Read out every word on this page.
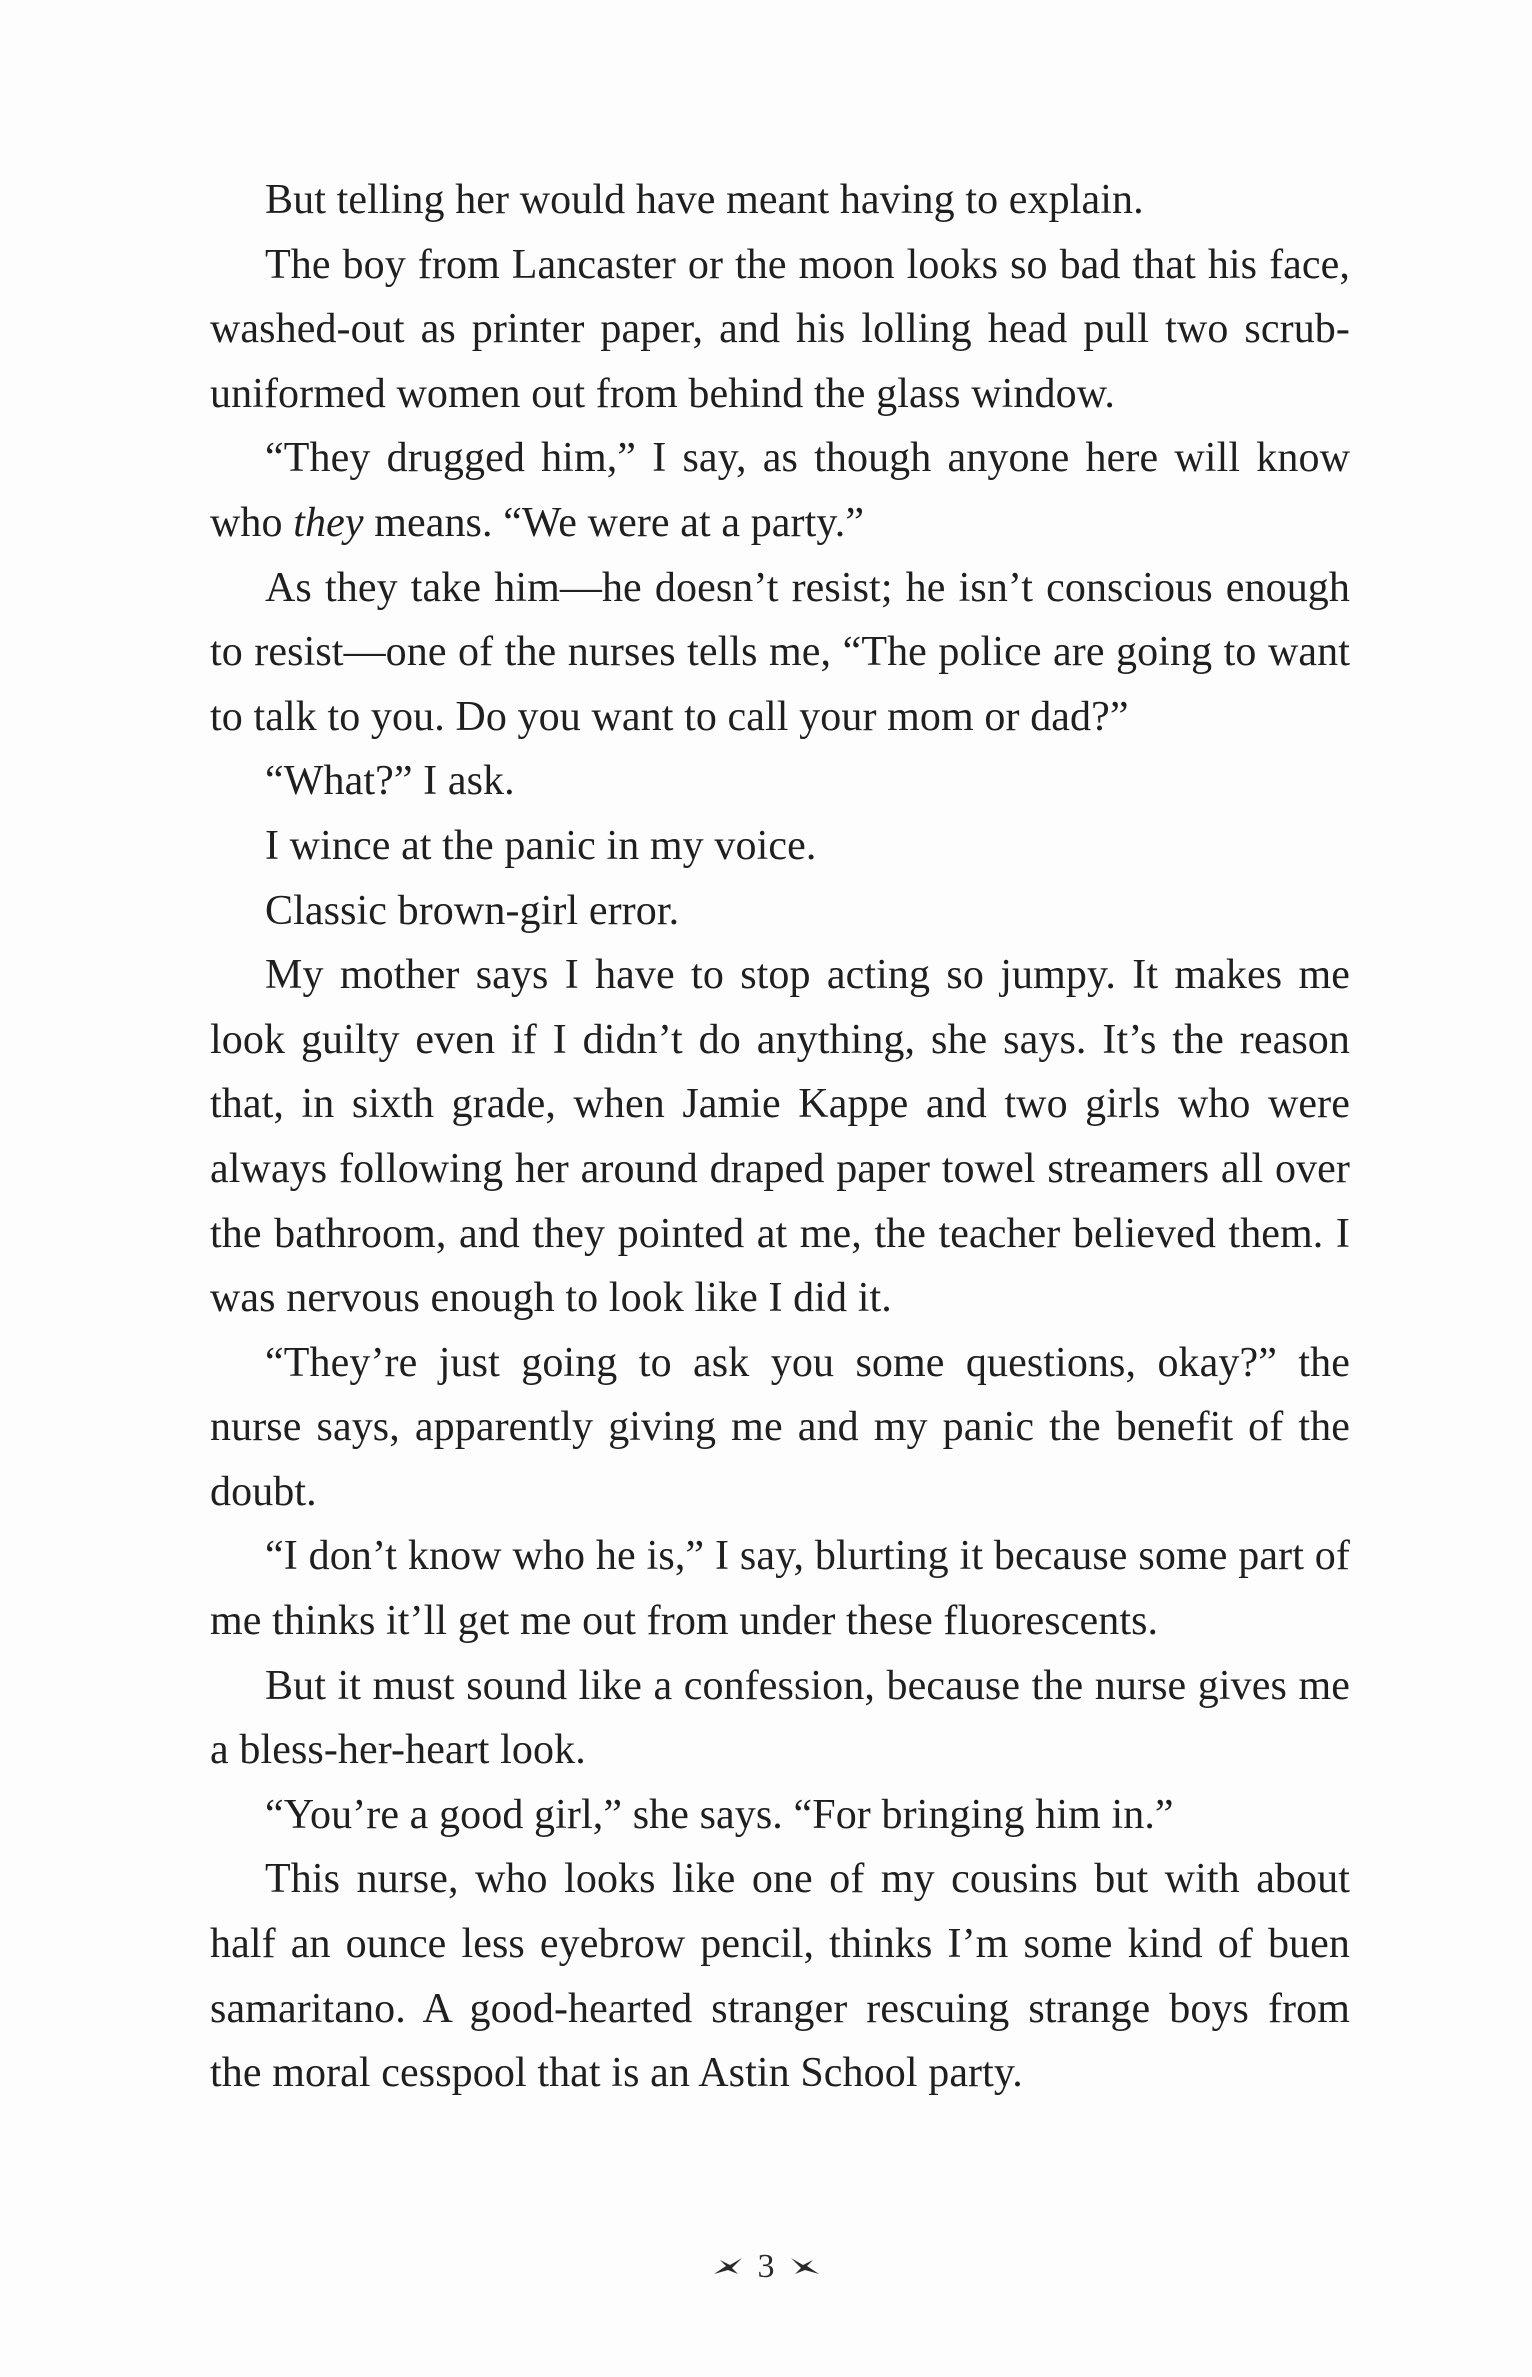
But telling her would have meant having to explain.

The boy from Lancaster or the moon looks so bad that his face, washed-out as printer paper, and his lolling head pull two scrub-uniformed women out from behind the glass window.

“They drugged him,” I say, as though anyone here will know who they means. “We were at a party.”

As they take him—he doesn’t resist; he isn’t conscious enough to resist—one of the nurses tells me, “The police are going to want to talk to you. Do you want to call your mom or dad?”

“What?” I ask.

I wince at the panic in my voice.

Classic brown-girl error.

My mother says I have to stop acting so jumpy. It makes me look guilty even if I didn’t do anything, she says. It’s the reason that, in sixth grade, when Jamie Kappe and two girls who were always following her around draped paper towel streamers all over the bathroom, and they pointed at me, the teacher believed them. I was nervous enough to look like I did it.

“They’re just going to ask you some questions, okay?” the nurse says, apparently giving me and my panic the benefit of the doubt.

“I don’t know who he is,” I say, blurting it because some part of me thinks it’ll get me out from under these fluorescents.

But it must sound like a confession, because the nurse gives me a bless-her-heart look.

“You’re a good girl,” she says. “For bringing him in.”

This nurse, who looks like one of my cousins but with about half an ounce less eyebrow pencil, thinks I’m some kind of buen samaritano. A good-hearted stranger rescuing strange boys from the moral cesspool that is an Astin School party.

3
